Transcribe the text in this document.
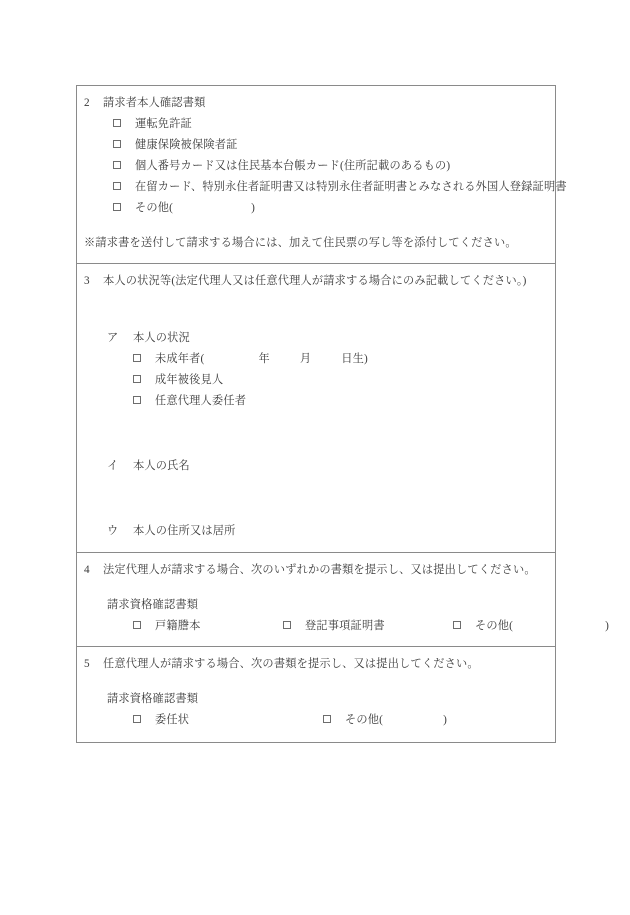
2 請求者本人確認書類
運転免許証
健康保険被保険者証
個人番号カード又は住民基本台帳カード(住所記載のあるもの)
在留カード、特別永住者証明書又は特別永住者証明書とみなされる外国人登録証明書
その他(	)
※請求書を送付して請求する場合には、加えて住民票の写し等を添付してください。
3 本人の状況等(法定代理人又は任意代理人が請求する場合にのみ記載してください。)
ア 本人の状況
未成年者(	年	月	日生)
成年被後見人
任意代理人委任者
イ 本人の氏名
ウ 本人の住所又は居所
4 法定代理人が請求する場合、次のいずれかの書類を提示し、又は提出してください。
請求資格確認書類
戸籍謄本	登記事項証明書	その他(	)
5 任意代理人が請求する場合、次の書類を提示し、又は提出してください。
請求資格確認書類
委任状	その他(	)
